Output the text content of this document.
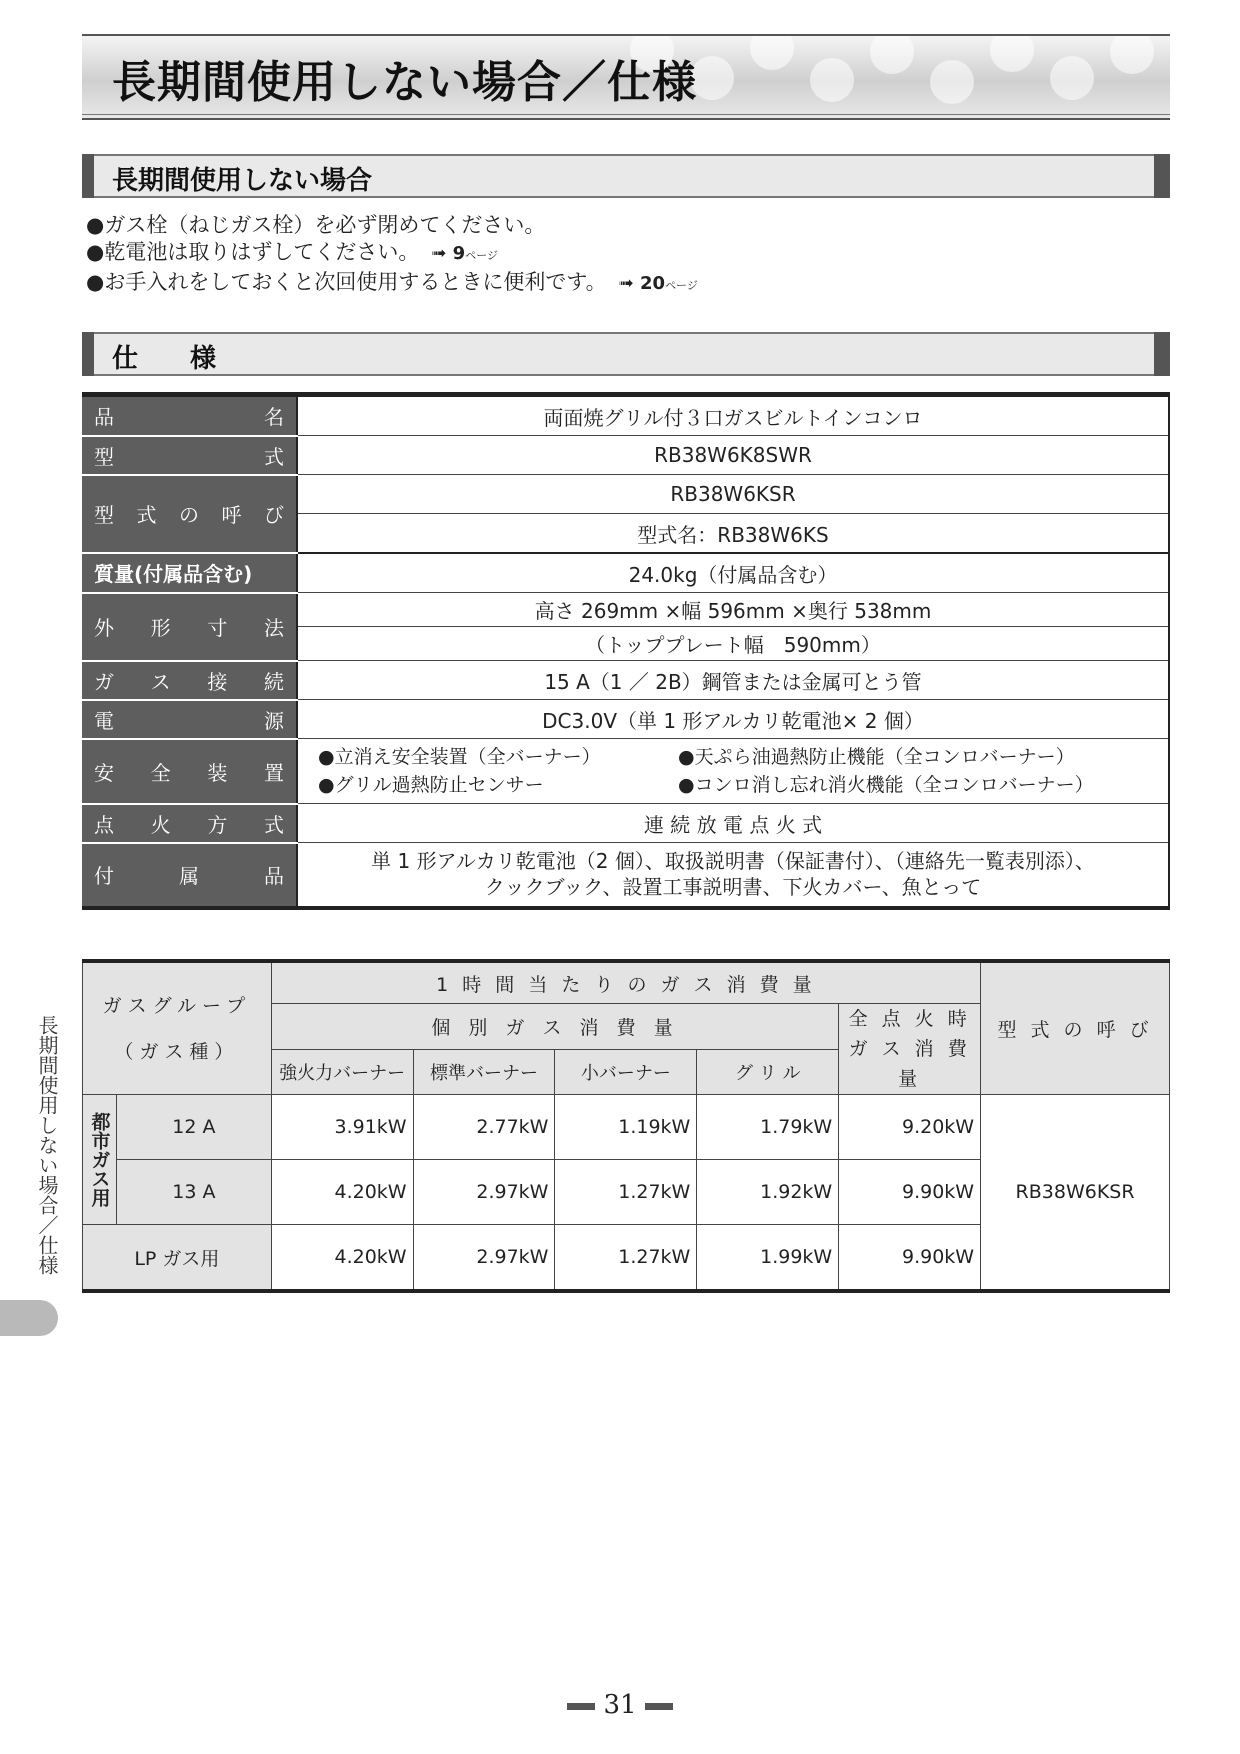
長期間使用しない場合／仕様
長期間使用しない場合
●ガス栓（ねじガス栓）を必ず閉めてください。
●乾電池は取りはずしてください。 ➟ 9ページ
●お手入れをしておくと次回使用するときに便利です。 ➟ 20ページ
仕　　様
品名	両面焼グリル付３口ガスビルトインコンロ
型式	RB38W6K8SWR
型式の呼び	RB38W6KSR
	型式名：RB38W6KS
質量(付属品含む)	24.0kg（付属品含む）
外形寸法	高さ 269mm ×幅 596mm ×奥行 538mm
	（トッププレート幅　590mm）
ガス接続	15 A（1 ／ 2B）鋼管または金属可とう管
電源	DC3.0V（単 1 形アルカリ乾電池× 2 個）
安全装置	●立消え安全装置（全バーナー） ●天ぷら油過熱防止機能（全コンロバーナー）
●グリル過熱防止センサー ●コンロ消し忘れ消火機能（全コンロバーナー）

点火方式	連 続 放 電 点 火 式
付属品	単 1 形アルカリ乾電池（2 個）、取扱説明書（保証書付）、（連絡先一覧表別添）、
クックブック、設置工事説明書、下火カバー、魚とって
ガスグループ
（ガス種）		1 時 間 当 た り の ガ ス 消 費 量					型 式 の 呼 び
		個 別 ガ ス 消 費 量				全 点 火 時
ガ ス 消 費 量	

		強火力バーナー	標準バーナー	小バーナー	グ リ ル		
都市ガス用	12 A	3.91kW	2.77kW	1.19kW	1.79kW	9.20kW	RB38W6KSR
	13 A	4.20kW	2.97kW	1.27kW	1.92kW	9.90kW	
LP ガス用		4.20kW	2.97kW	1.27kW	1.99kW	9.90kW	
長期間使用しない場合／仕様
31
